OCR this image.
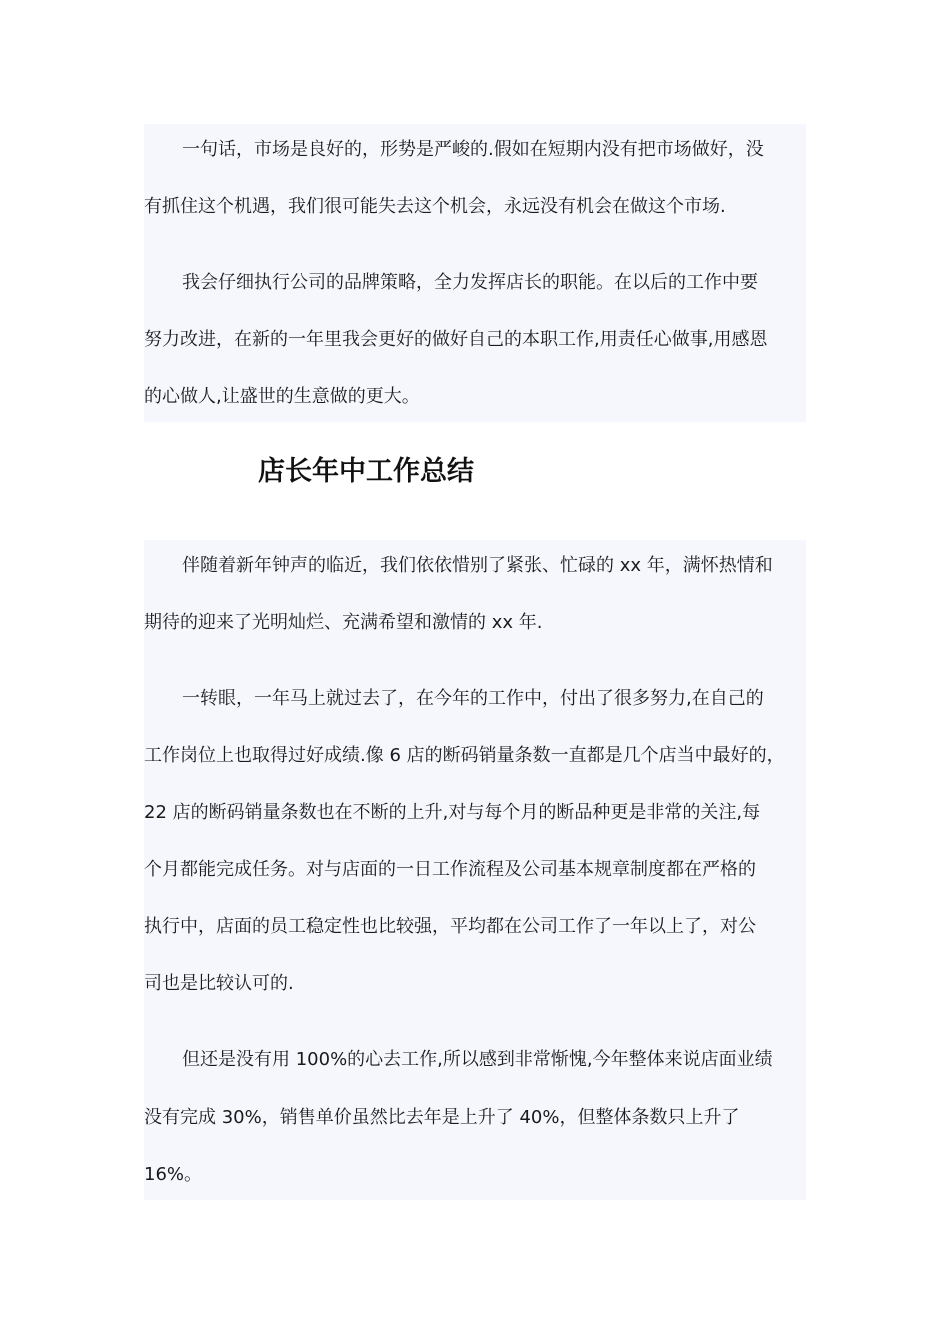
一句话，市场是良好的，形势是严峻的.假如在短期内没有把市场做好，没
有抓住这个机遇，我们很可能失去这个机会，永远没有机会在做这个市场.
我会仔细执行公司的品牌策略，全力发挥店长的职能。在以后的工作中要
努力改进，在新的一年里我会更好的做好自己的本职工作,用责任心做事,用感恩
的心做人,让盛世的生意做的更大。
店长年中工作总结
伴随着新年钟声的临近，我们依依惜别了紧张、忙碌的 xx 年，满怀热情和
期待的迎来了光明灿烂、充满希望和激情的 xx 年.
一转眼，一年马上就过去了，在今年的工作中，付出了很多努力,在自己的
工作岗位上也取得过好成绩.像 6 店的断码销量条数一直都是几个店当中最好的，
22 店的断码销量条数也在不断的上升,对与每个月的断品种更是非常的关注,每
个月都能完成任务。对与店面的一日工作流程及公司基本规章制度都在严格的
执行中，店面的员工稳定性也比较强，平均都在公司工作了一年以上了，对公
司也是比较认可的.
但还是没有用 100%的心去工作,所以感到非常惭愧,今年整体来说店面业绩
没有完成 30%，销售单价虽然比去年是上升了 40%，但整体条数只上升了
16%。
